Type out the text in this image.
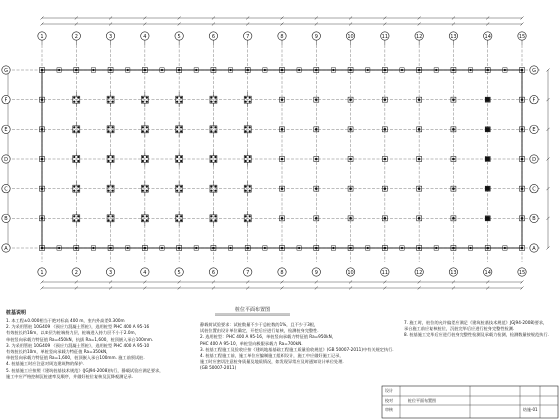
1
1
2
2
3
3
4
4
5
5
6
6
7
7
8
8
9
9
10
10
11
11
12
12
13
13
14
14
15
15
A	A
B	B
C	C
D	D
E	E
F	F
G	G
桩位平面布置图
桩基说明
1. 本工程±0.000相当于绝对标高 400 m，室内外高差0.300m
2. 为采用管桩 10G409 《预应力混凝土管桩》，选用桩型 PHC 400 A 95-16
有效桩长约16m，以⑤层为桩端持力层，桩端进入持力层不小于2.0m，
单桩竖向承载力特征值 Ra=450kN，抗拔 Ra=1,600，桩顶嵌入承台100mm.
3. 为采用管桩 10G409 《预应力混凝土管桩》，选用桩型 PHC 400 A 95-10
有效桩长约10m，单桩竖向承载力特征值 Ra=350kN，
单桩竖向承载力特征值 Ra=1,600，桩顶嵌入承台100mm. 施工前须试桩.
4. 桩基施工时应注意对周边建筑物的保护.
5. 桩基施工应按照《建筑桩基技术规范》(JGJ94-2008)执行，静载试验应满足要求，
施工中应严格控制沉桩速率及顺序，并做好桩位复核及沉降观测记录.
静载荷试验要求：试桩数量不少于总桩数的1%，且不少于3根，
试桩位置由设计单位确定，开挖后应进行复核，检测桩身完整性.
2. 选用桩型：PHC 400 A 95-16，单桩竖向承载力特征值 Ra=950kN，
PHC 400 A 95-10，单桩竖向极限承载力 Ra=700kN.
3. 桩基工程施工及验收应按《建筑地基基础工程施工质量验收规范》(GB 50007-2011)中有关规定执行.
4. 桩基工程施工前，施工单位应编制施工组织设计，施工中应做好施工记录，
施工时应密切注意桩身质量及地质情况，如发现异常应及时通知设计单位处理.
(GB 50007-2011)
7. 施工时，桩位的允许偏差应满足《建筑桩基技术规范》JGJ94-2008)要求，
承台施工前应复核桩位，沉桩完毕后应进行桩身完整性检测.
8. 桩基施工完毕后应进行桩身完整性检测及承载力检测，检测数量按规范执行.
桩位平面布置图
设计
校对
审核	结施-01
